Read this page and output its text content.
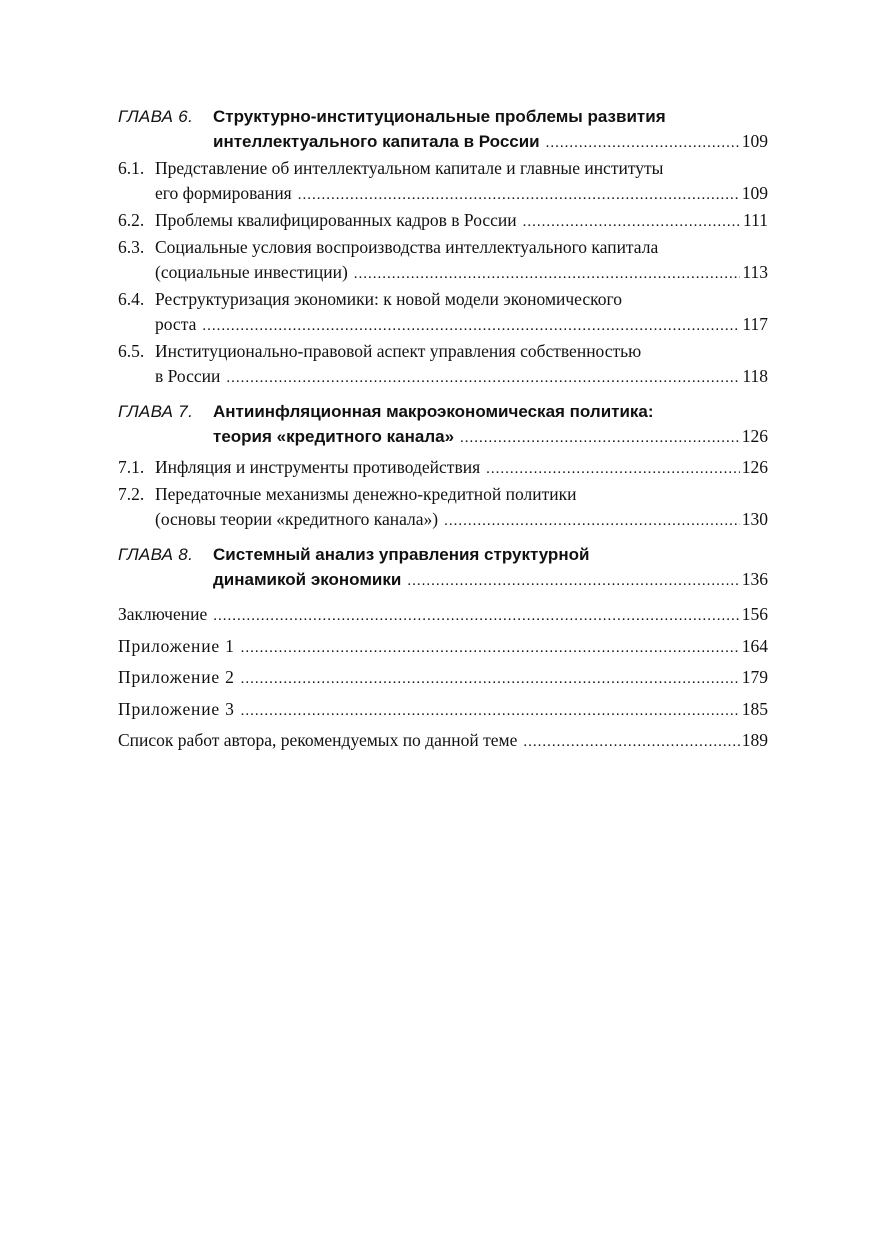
ГЛАВА 6.	Структурно-институциональные проблемы развития
интеллектуального капитала в России .....	109
6.1. Представление об интеллектуальном капитале и главные институты
его формирования .....	109
6.2. Проблемы квалифицированных кадров в России .....	111
6.3. Социальные условия воспроизводства интеллектуального капитала
(социальные инвестиции) .....	113
6.4. Реструктуризация экономики: к новой модели экономического
роста .....	117
6.5. Институционально-правовой аспект управления собственностью
в России .....	118
ГЛАВА 7.	Антиинфляционная макроэкономическая политика:
теория «кредитного канала» .....	126
7.1. Инфляция и инструменты противодействия .....	126
7.2. Передаточные механизмы денежно-кредитной политики
(основы теории «кредитного канала») .....	130
ГЛАВА 8.	Системный анализ управления структурной
динамикой экономики .....	136
Заключение .....	156
Приложение 1 .....	164
Приложение 2 .....	179
Приложение 3 .....	185
Список работ автора, рекомендуемых по данной теме .....	189
